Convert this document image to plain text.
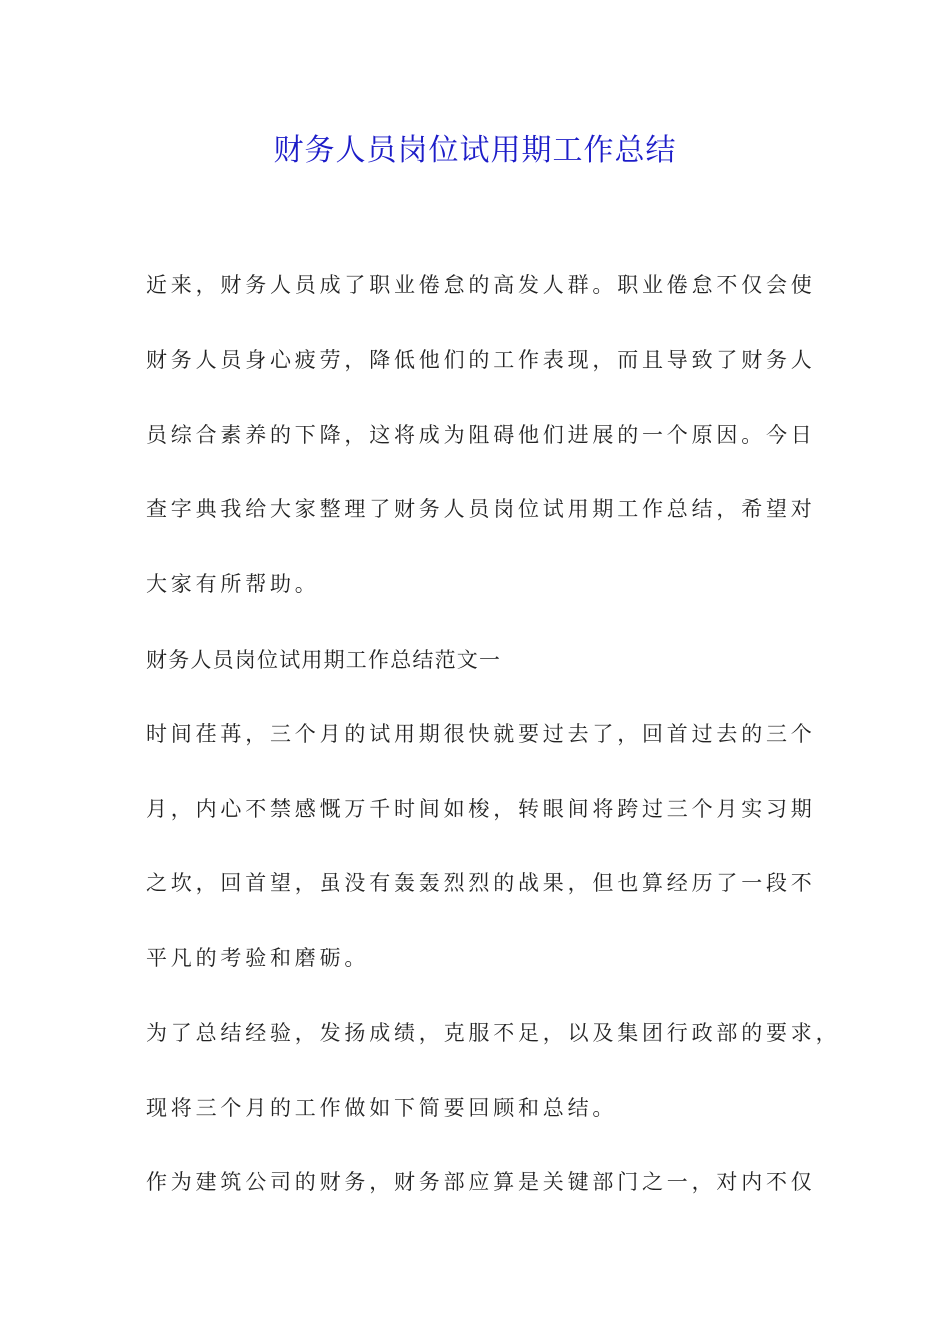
财务人员岗位试用期工作总结
近来，财务人员成了职业倦怠的高发人群。职业倦怠不仅会使
财务人员身心疲劳，降低他们的工作表现，而且导致了财务人
员综合素养的下降，这将成为阻碍他们进展的一个原因。今日
查字典我给大家整理了财务人员岗位试用期工作总结，希望对
大家有所帮助。
财务人员岗位试用期工作总结范文一
时间荏苒，三个月的试用期很快就要过去了，回首过去的三个
月，内心不禁感慨万千时间如梭，转眼间将跨过三个月实习期
之坎，回首望，虽没有轰轰烈烈的战果，但也算经历了一段不
平凡的考验和磨砺。
为了总结经验，发扬成绩，克服不足，以及集团行政部的要求，
现将三个月的工作做如下简要回顾和总结。
作为建筑公司的财务，财务部应算是关键部门之一，对内不仅
